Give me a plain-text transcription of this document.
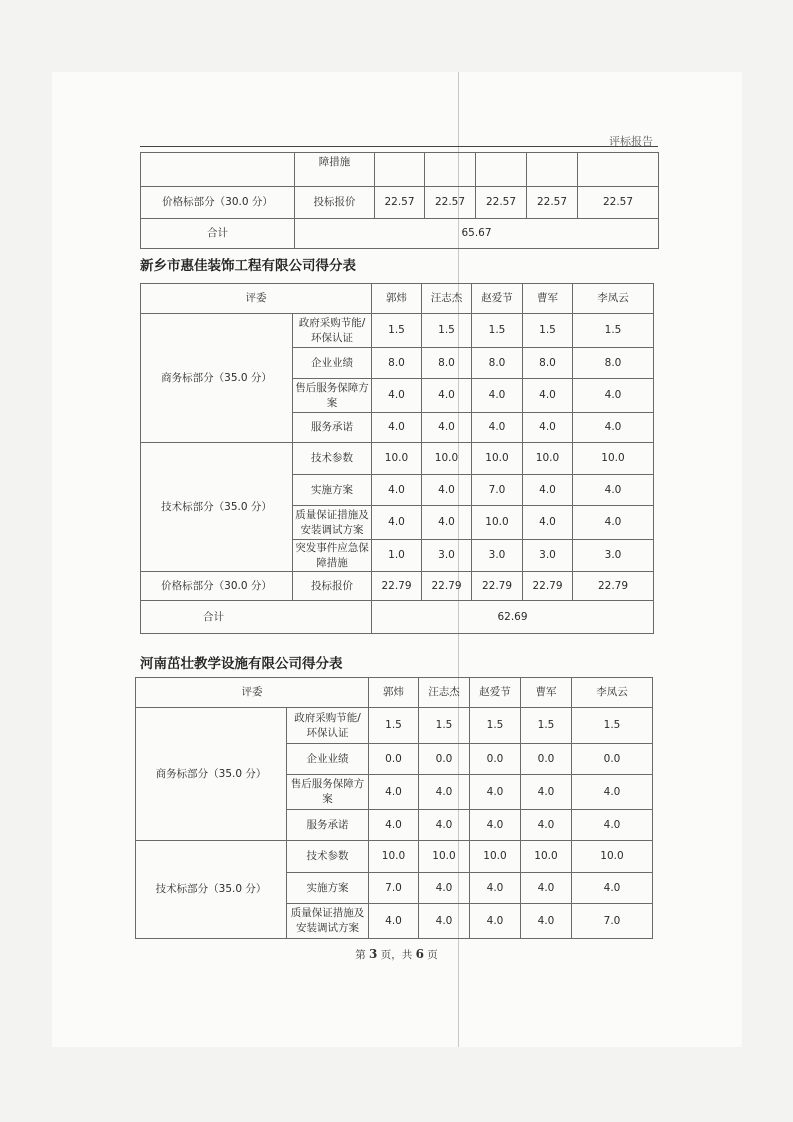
评标报告
	障措施					
价格标部分（30.0 分）	投标报价	22.57	22.57	22.57	22.57	22.57
合计	65.67					
新乡市惠佳装饰工程有限公司得分表
评委		郭炜	汪志杰	赵爱节	曹军	李凤云
商务标部分（35.0 分）	政府采购节能/环保认证	1.5	1.5	1.5	1.5	1.5
	企业业绩	8.0	8.0	8.0	8.0	8.0
	售后服务保障方案	4.0	4.0	4.0	4.0	4.0
	服务承诺	4.0	4.0	4.0	4.0	4.0
技术标部分（35.0 分）	技术参数	10.0	10.0	10.0	10.0	10.0
	实施方案	4.0	4.0	7.0	4.0	4.0
	质量保证措施及安装调试方案	4.0	4.0	10.0	4.0	4.0
	突发事件应急保障措施	1.0	3.0	3.0	3.0	3.0
价格标部分（30.0 分）	投标报价	22.79	22.79	22.79	22.79	22.79
合计		62.69				
河南茁壮教学设施有限公司得分表
评委		郭炜	汪志杰	赵爱节	曹军	李凤云
商务标部分（35.0 分）	政府采购节能/环保认证	1.5	1.5	1.5	1.5	1.5
	企业业绩	0.0	0.0	0.0	0.0	0.0
	售后服务保障方案	4.0	4.0	4.0	4.0	4.0
	服务承诺	4.0	4.0	4.0	4.0	4.0
技术标部分（35.0 分）	技术参数	10.0	10.0	10.0	10.0	10.0
	实施方案	7.0	4.0	4.0	4.0	4.0
	质量保证措施及安装调试方案	4.0	4.0	4.0	4.0	7.0
第 3 页，共 6 页
